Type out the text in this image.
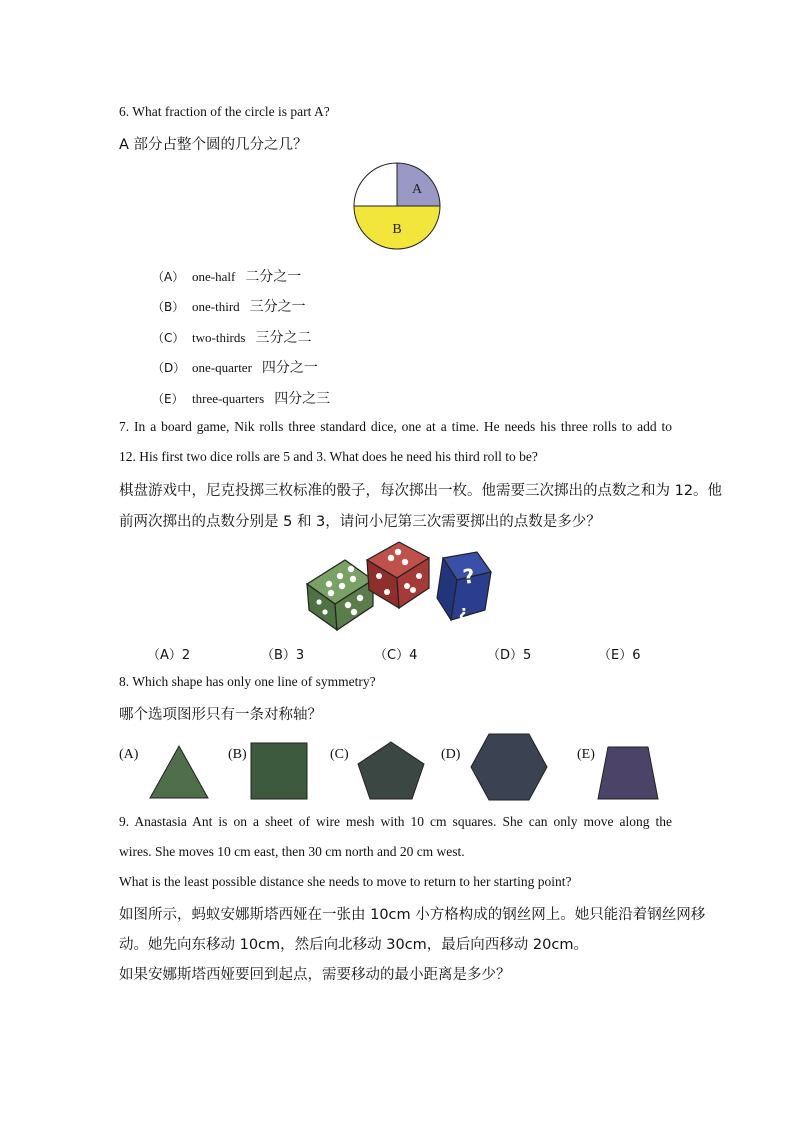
6. What fraction of the circle is part A?
A 部分占整个圆的几分之几？
A
B
（A） one-half 二分之一
（B） one-third 三分之一
（C） two-thirds 三分之二
（D） one-quarter 四分之一
（E） three-quarters 四分之三
7. In a board game, Nik rolls three standard dice, one at a time. He needs his three rolls to add to
12. His first two dice rolls are 5 and 3. What does he need his third roll to be?
棋盘游戏中，尼克投掷三枚标准的骰子，每次掷出一枚。他需要三次掷出的点数之和为 12。他
前两次掷出的点数分别是 5 和 3，请问小尼第三次需要掷出的点数是多少？
?
?
（A）2	（B）3	（C）4	（D）5	（E）6
8. Which shape has only one line of symmetry?
哪个选项图形只有一条对称轴？
(A)	(B)	(C)	(D)	(E)
9. Anastasia Ant is on a sheet of wire mesh with 10 cm squares. She can only move along the
wires. She moves 10 cm east, then 30 cm north and 20 cm west.
What is the least possible distance she needs to move to return to her starting point?
如图所示，蚂蚁安娜斯塔西娅在一张由 10cm 小方格构成的钢丝网上。她只能沿着钢丝网移
动。她先向东移动 10cm，然后向北移动 30cm，最后向西移动 20cm。
如果安娜斯塔西娅要回到起点，需要移动的最小距离是多少？
